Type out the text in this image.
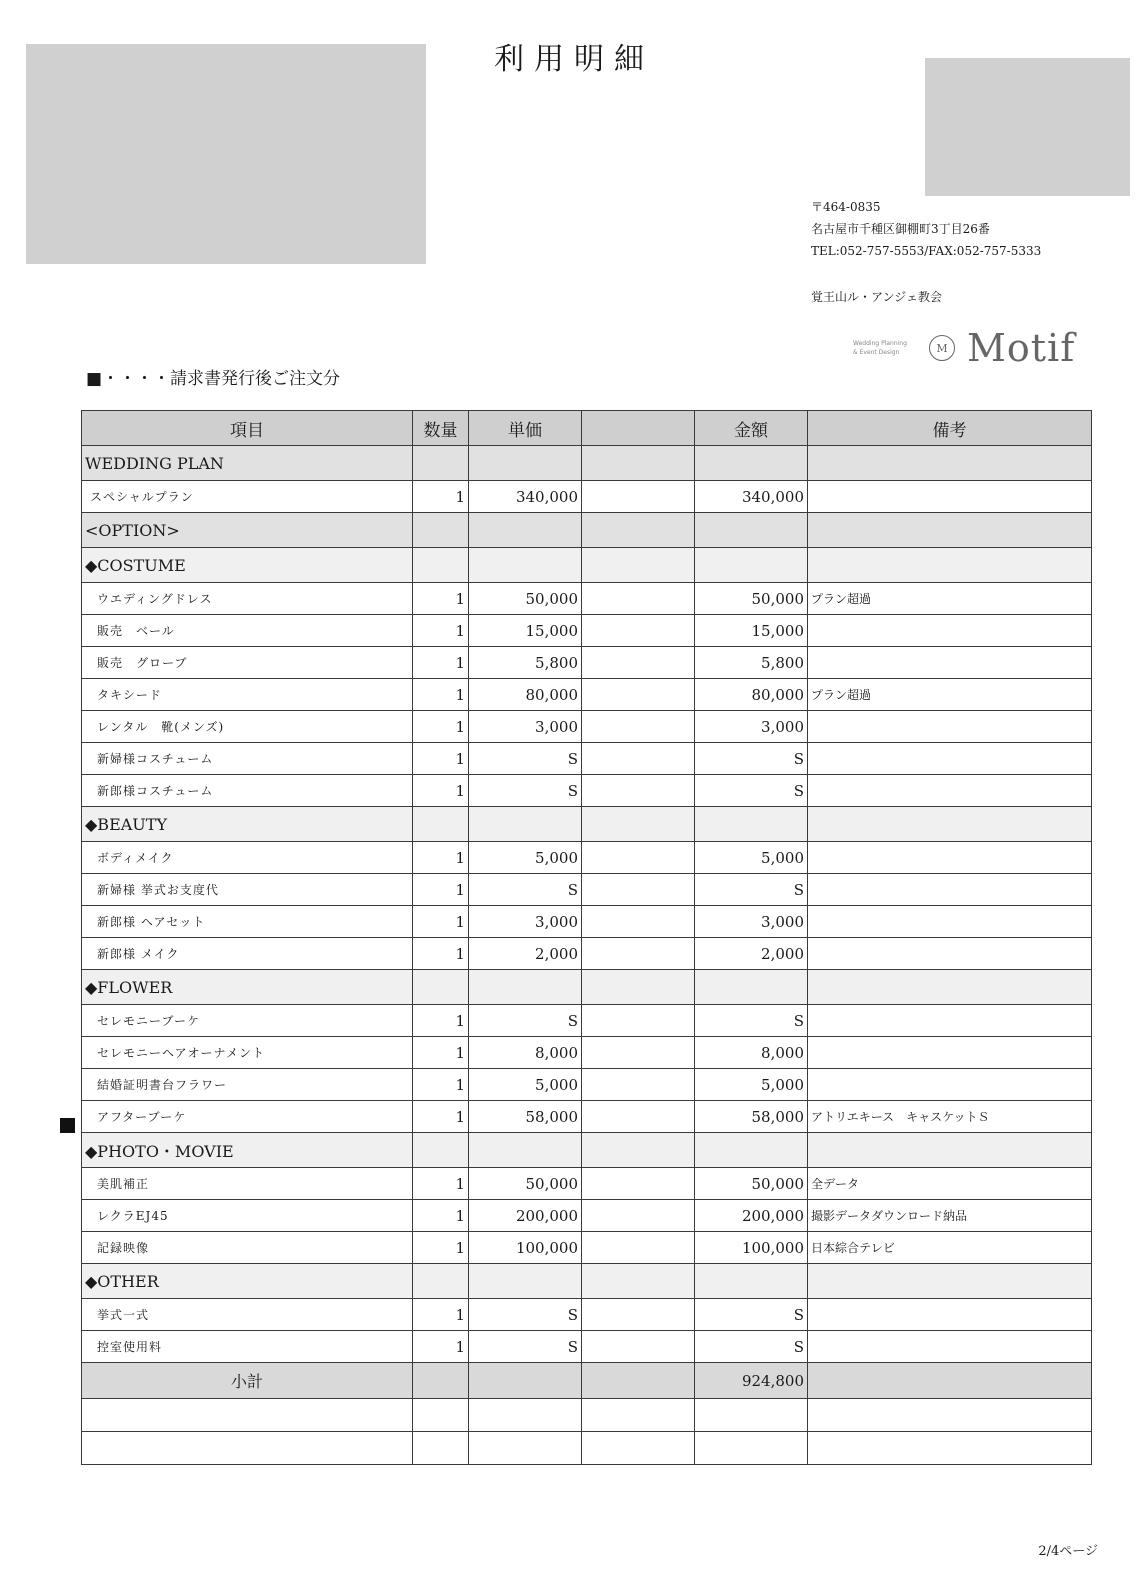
利用明細
〒464-0835
名古屋市千種区御棚町3丁目26番
TEL:052-757-5553/FAX:052-757-5333
覚王山ル・アンジェ教会
Wedding Planning
& Event Design	M Motif
■・・・・請求書発行後ご注文分
項目	数量	単価		金額	備考
WEDDING PLAN					
スペシャルプラン	1	340,000		340,000	
<OPTION>					
◆COSTUME					
ウエディングドレス	1	50,000		50,000	プラン超過
販売　ベール	1	15,000		15,000	
販売　グローブ	1	5,800		5,800	
タキシード	1	80,000		80,000	プラン超過
レンタル　靴(メンズ)	1	3,000		3,000	
新婦様コスチューム	1	S		S	
新郎様コスチューム	1	S		S	
◆BEAUTY					
ボディメイク	1	5,000		5,000	
新婦様 挙式お支度代	1	S		S	
新郎様 ヘアセット	1	3,000		3,000	
新郎様 メイク	1	2,000		2,000	
◆FLOWER					
セレモニーブーケ	1	S		S	
セレモニーヘアオーナメント	1	8,000		8,000	
結婚証明書台フラワー	1	5,000		5,000	
アフターブーケ	1	58,000		58,000	アトリエキース　キャスケットＳ
◆PHOTO・MOVIE					
美肌補正	1	50,000		50,000	全データ
レクラEJ45	1	200,000		200,000	撮影データダウンロード納品
記録映像	1	100,000		100,000	日本綜合テレビ
◆OTHER					
挙式一式	1	S		S	
控室使用料	1	S		S	
小計				924,800	

2/4ページ
